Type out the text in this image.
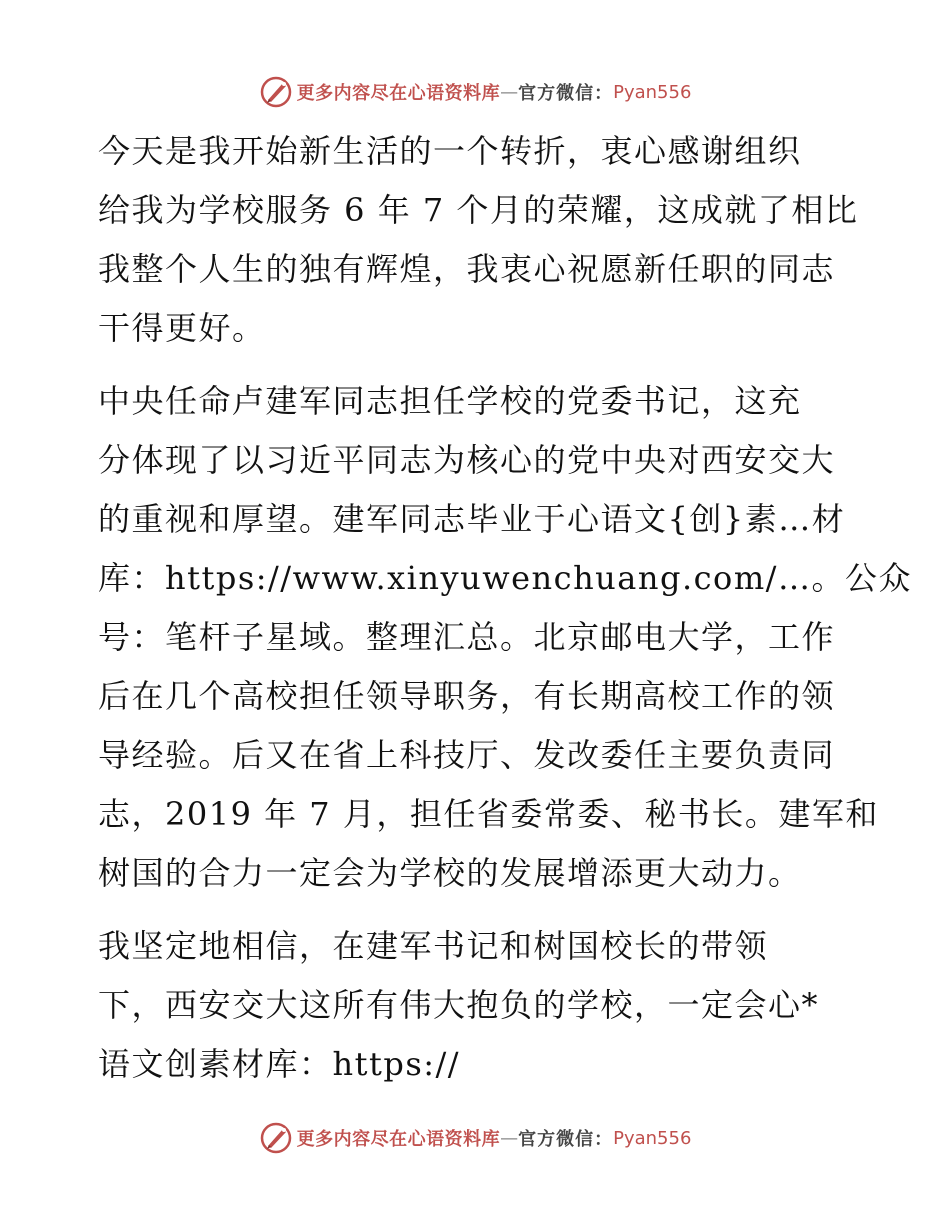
更多内容尽在心语资料库 — 官方微信： Pyan556

今天是我开始新生活的一个转折，衷心感谢组织
给我为学校服务 6 年 7 个月的荣耀，这成就了相比
我整个人生的独有辉煌，我衷心祝愿新任职的同志
干得更好。

中央任命卢建军同志担任学校的党委书记，这充
分体现了以习近平同志为核心的党中央对西安交大
的重视和厚望。建军同志毕业于心语文{创}素…材
库：https://www.xinyuwenchuang.com/…。公众
号：笔杆子星域。整理汇总。北京邮电大学，工作
后在几个高校担任领导职务，有长期高校工作的领
导经验。后又在省上科技厅、发改委任主要负责同
志，2019 年 7 月，担任省委常委、秘书长。建军和
树国的合力一定会为学校的发展增添更大动力。

我坚定地相信，在建军书记和树国校长的带领
下，西安交大这所有伟大抱负的学校，一定会心*
语文创素材库：https://

更多内容尽在心语资料库 — 官方微信： Pyan556
